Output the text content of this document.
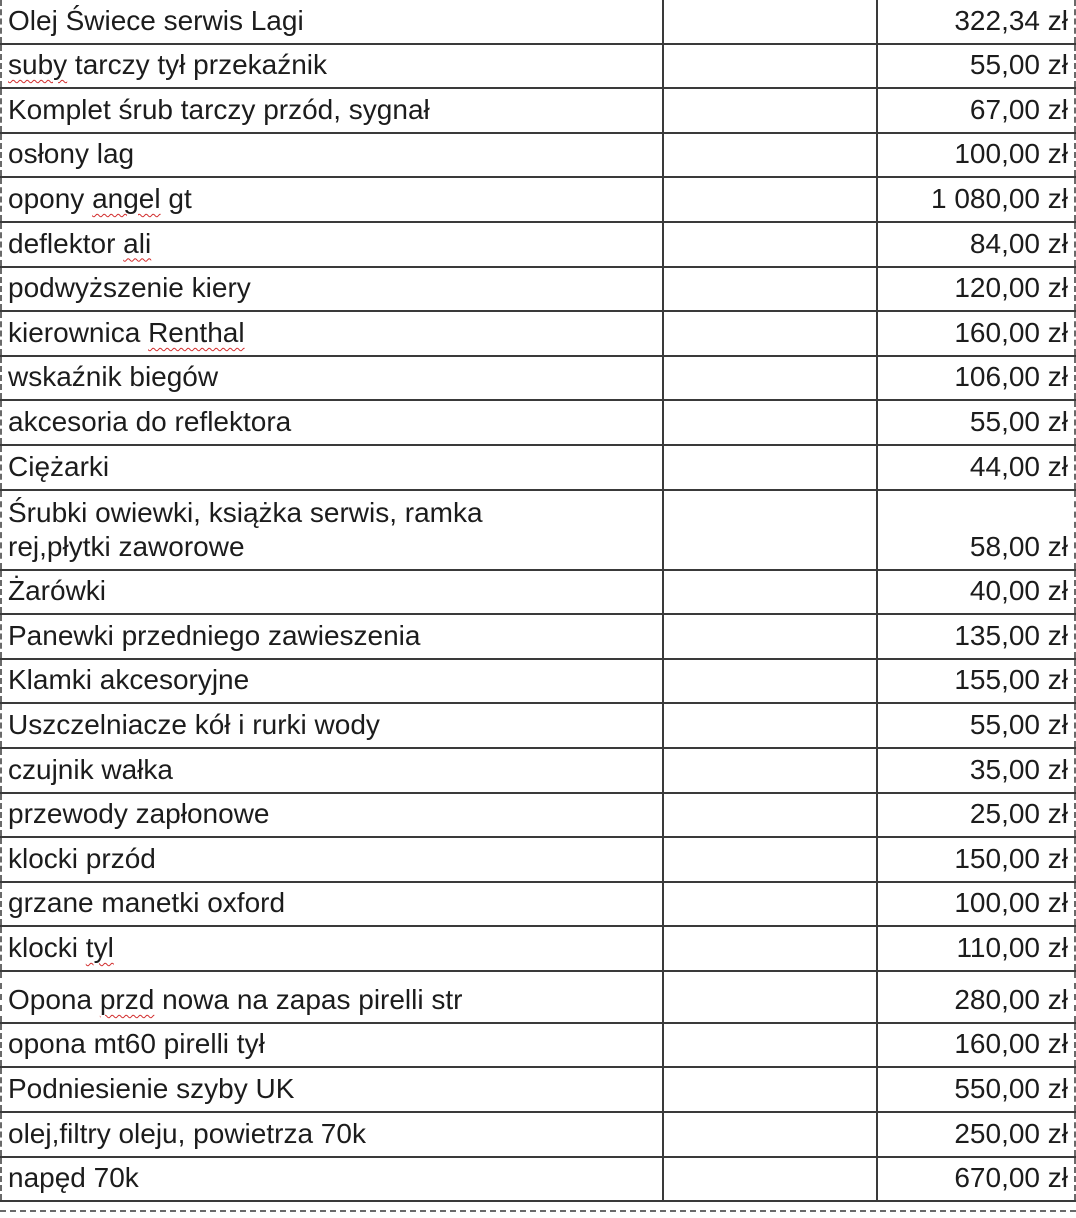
Olej Świece serwis Lagi	322,34 zł
suby tarczy tył przekaźnik	55,00 zł
Komplet śrub tarczy przód, sygnał	67,00 zł
osłony lag	100,00 zł
opony angel gt	1 080,00 zł
deflektor ali	84,00 zł
podwyższenie kiery	120,00 zł
kierownica Renthal	160,00 zł
wskaźnik biegów	106,00 zł
akcesoria do reflektora	55,00 zł
Ciężarki	44,00 zł
Śrubki owiewki, książka serwis, ramka
rej,płytki zaworowe	58,00 zł
Żarówki	40,00 zł
Panewki przedniego zawieszenia	135,00 zł
Klamki akcesoryjne	155,00 zł
Uszczelniacze kół i rurki wody	55,00 zł
czujnik wałka	35,00 zł
przewody zapłonowe	25,00 zł
klocki przód	150,00 zł
grzane manetki oxford	100,00 zł
klocki tyl	110,00 zł
Opona przd nowa na zapas pirelli str	280,00 zł
opona mt60 pirelli tył	160,00 zł
Podniesienie szyby UK	550,00 zł
olej,filtry oleju, powietrza 70k	250,00 zł
napęd 70k	670,00 zł
